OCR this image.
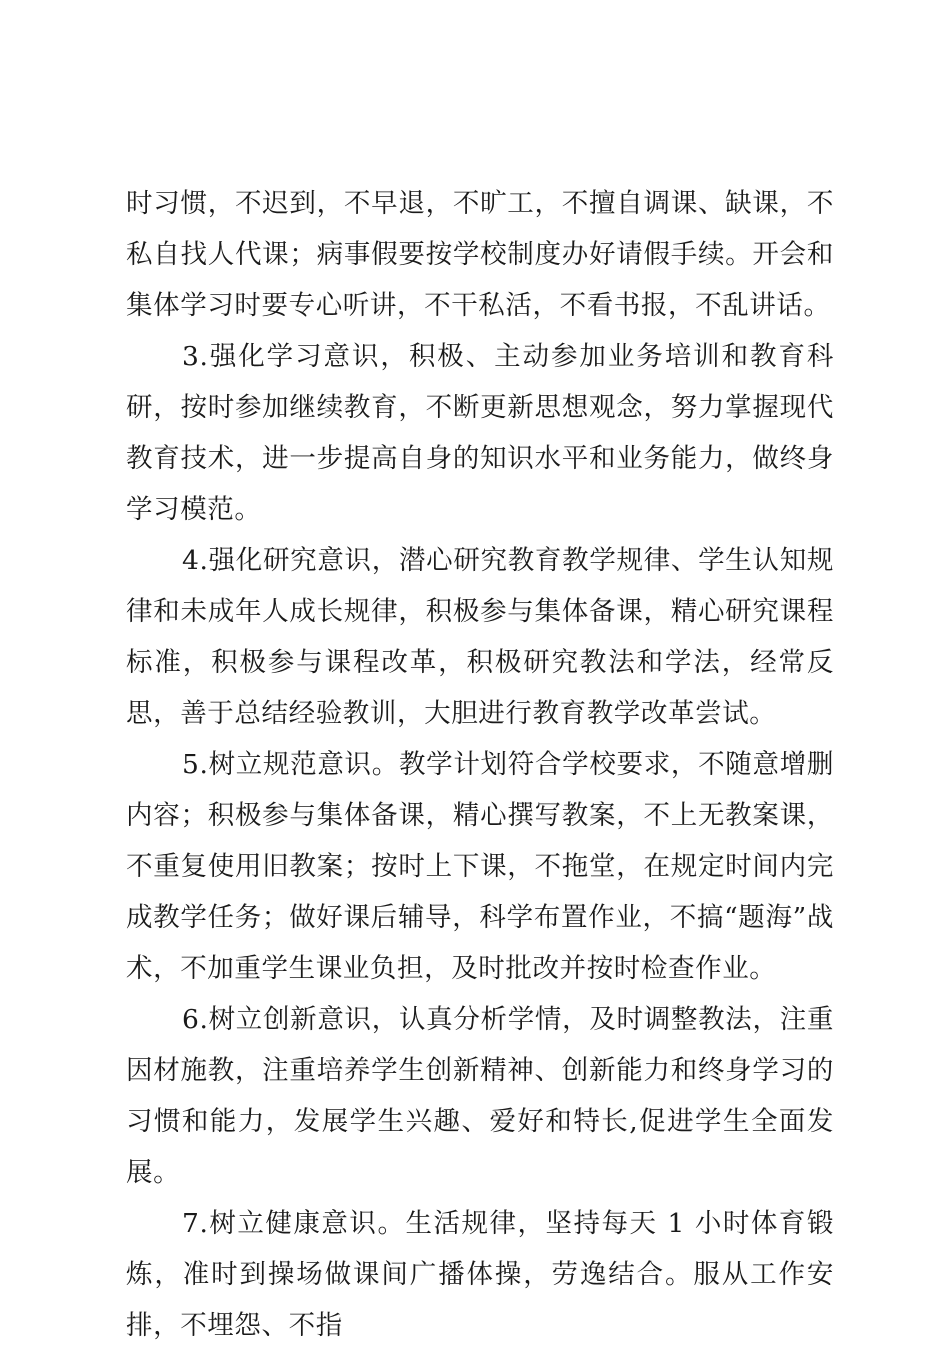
时习惯，不迟到，不早退，不旷工，不擅自调课、缺课，不私自找人代课；病事假要按学校制度办好请假手续。开会和集体学习时要专心听讲，不干私活，不看书报，不乱讲话。

3.强化学习意识，积极、主动参加业务培训和教育科研，按时参加继续教育，不断更新思想观念，努力掌握现代教育技术，进一步提高自身的知识水平和业务能力，做终身学习模范。

4.强化研究意识，潜心研究教育教学规律、学生认知规律和未成年人成长规律，积极参与集体备课，精心研究课程标准，积极参与课程改革，积极研究教法和学法，经常反思，善于总结经验教训，大胆进行教育教学改革尝试。

5.树立规范意识。教学计划符合学校要求，不随意增删内容；积极参与集体备课，精心撰写教案，不上无教案课，不重复使用旧教案；按时上下课，不拖堂，在规定时间内完成教学任务；做好课后辅导，科学布置作业，不搞“题海”战术，不加重学生课业负担，及时批改并按时检查作业。

6.树立创新意识，认真分析学情，及时调整教法，注重因材施教，注重培养学生创新精神、创新能力和终身学习的习惯和能力，发展学生兴趣、爱好和特长,促进学生全面发展。

7.树立健康意识。生活规律，坚持每天 1 小时体育锻炼，准时到操场做课间广播体操，劳逸结合。服从工作安排，不埋怨、不指
